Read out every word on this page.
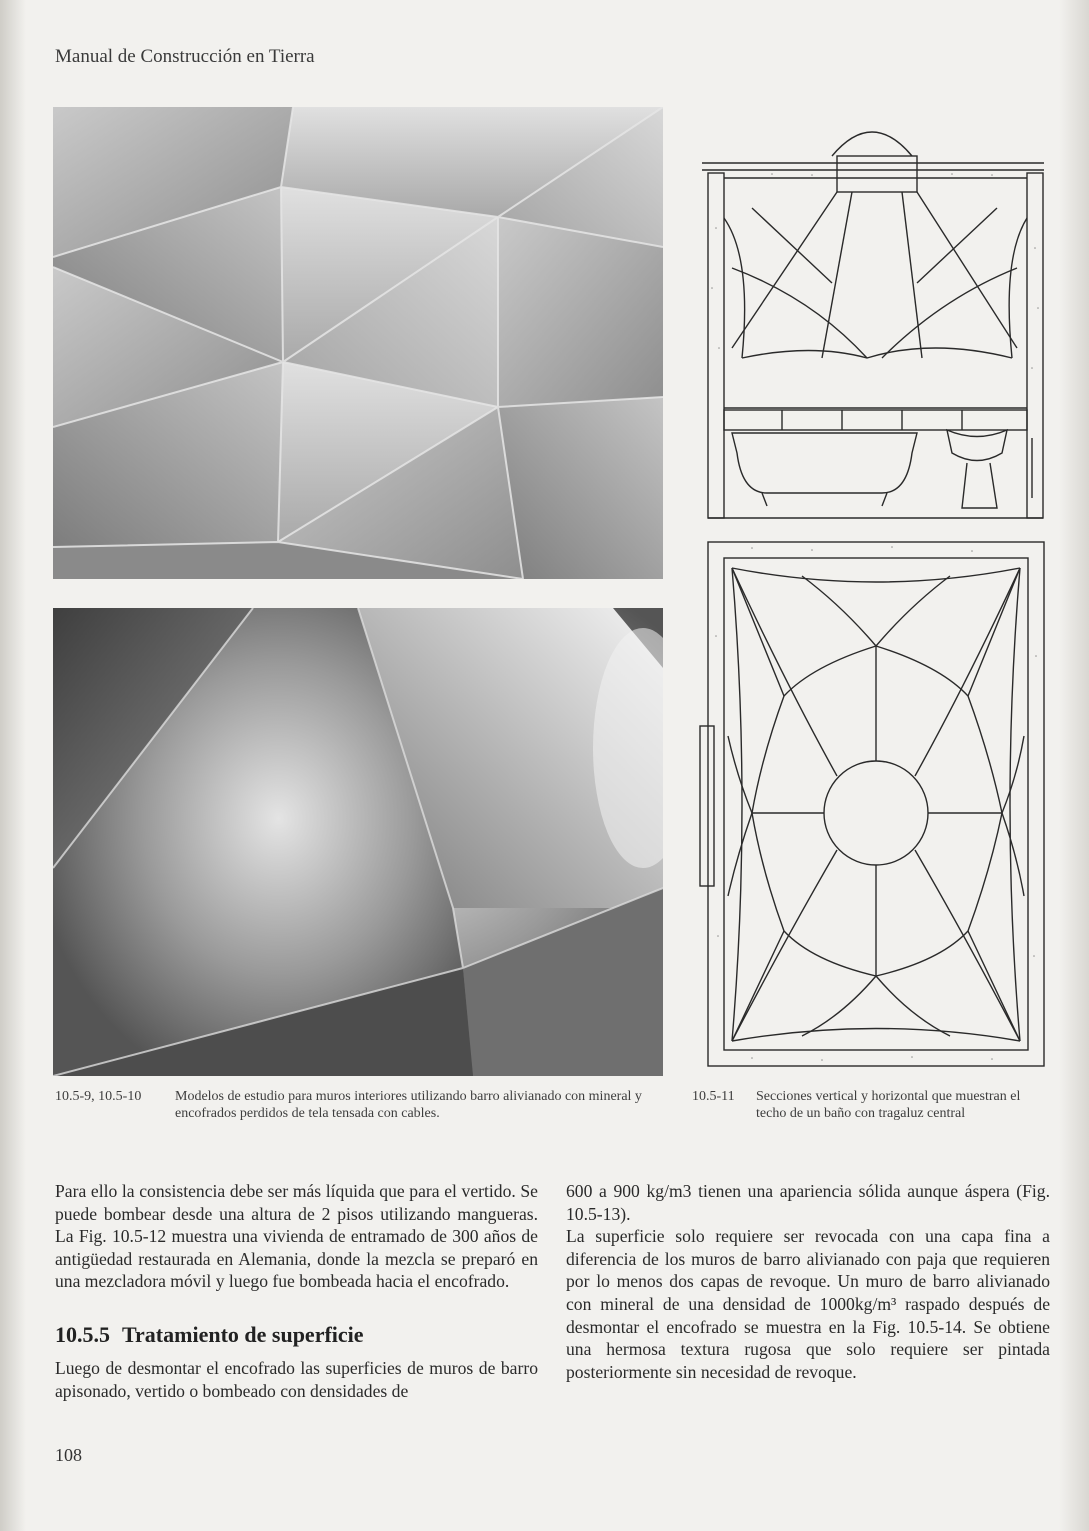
Manual de Construcción en Tierra
10.5-9, 10.5-10 Modelos de estudio para muros interiores utilizando barro alivianado con mineral y encofrados perdidos de tela tensada con cables.
10.5-11 Secciones vertical y horizontal que muestran el techo de un baño con tragaluz central

Para ello la consistencia debe ser más líquida que para el vertido. Se puede bombear desde una altura de 2 pisos utilizando mangueras. La Fig. 10.5-12 muestra una vivienda de entramado de 300 años de antigüedad restaurada en Alemania, donde la mezcla se preparó en una mezcladora móvil y luego fue bombeada hacia el encofrado.

10.5.5 Tratamiento de superficie

Luego de desmontar el encofrado las superficies de muros de barro apisonado, vertido o bombeado con densidades de

600 a 900 kg/m3 tienen una apariencia sólida aunque áspera (Fig. 10.5-13).

La superficie solo requiere ser revocada con una capa fina a diferencia de los muros de barro alivianado con paja que requieren por lo menos dos capas de revoque. Un muro de barro alivianado con mineral de una densidad de 1000kg/m³ raspado después de desmontar el encofrado se muestra en la Fig. 10.5-14. Se obtiene una hermosa textura rugosa que solo requiere ser pintada posteriormente sin necesidad de revoque.

108
